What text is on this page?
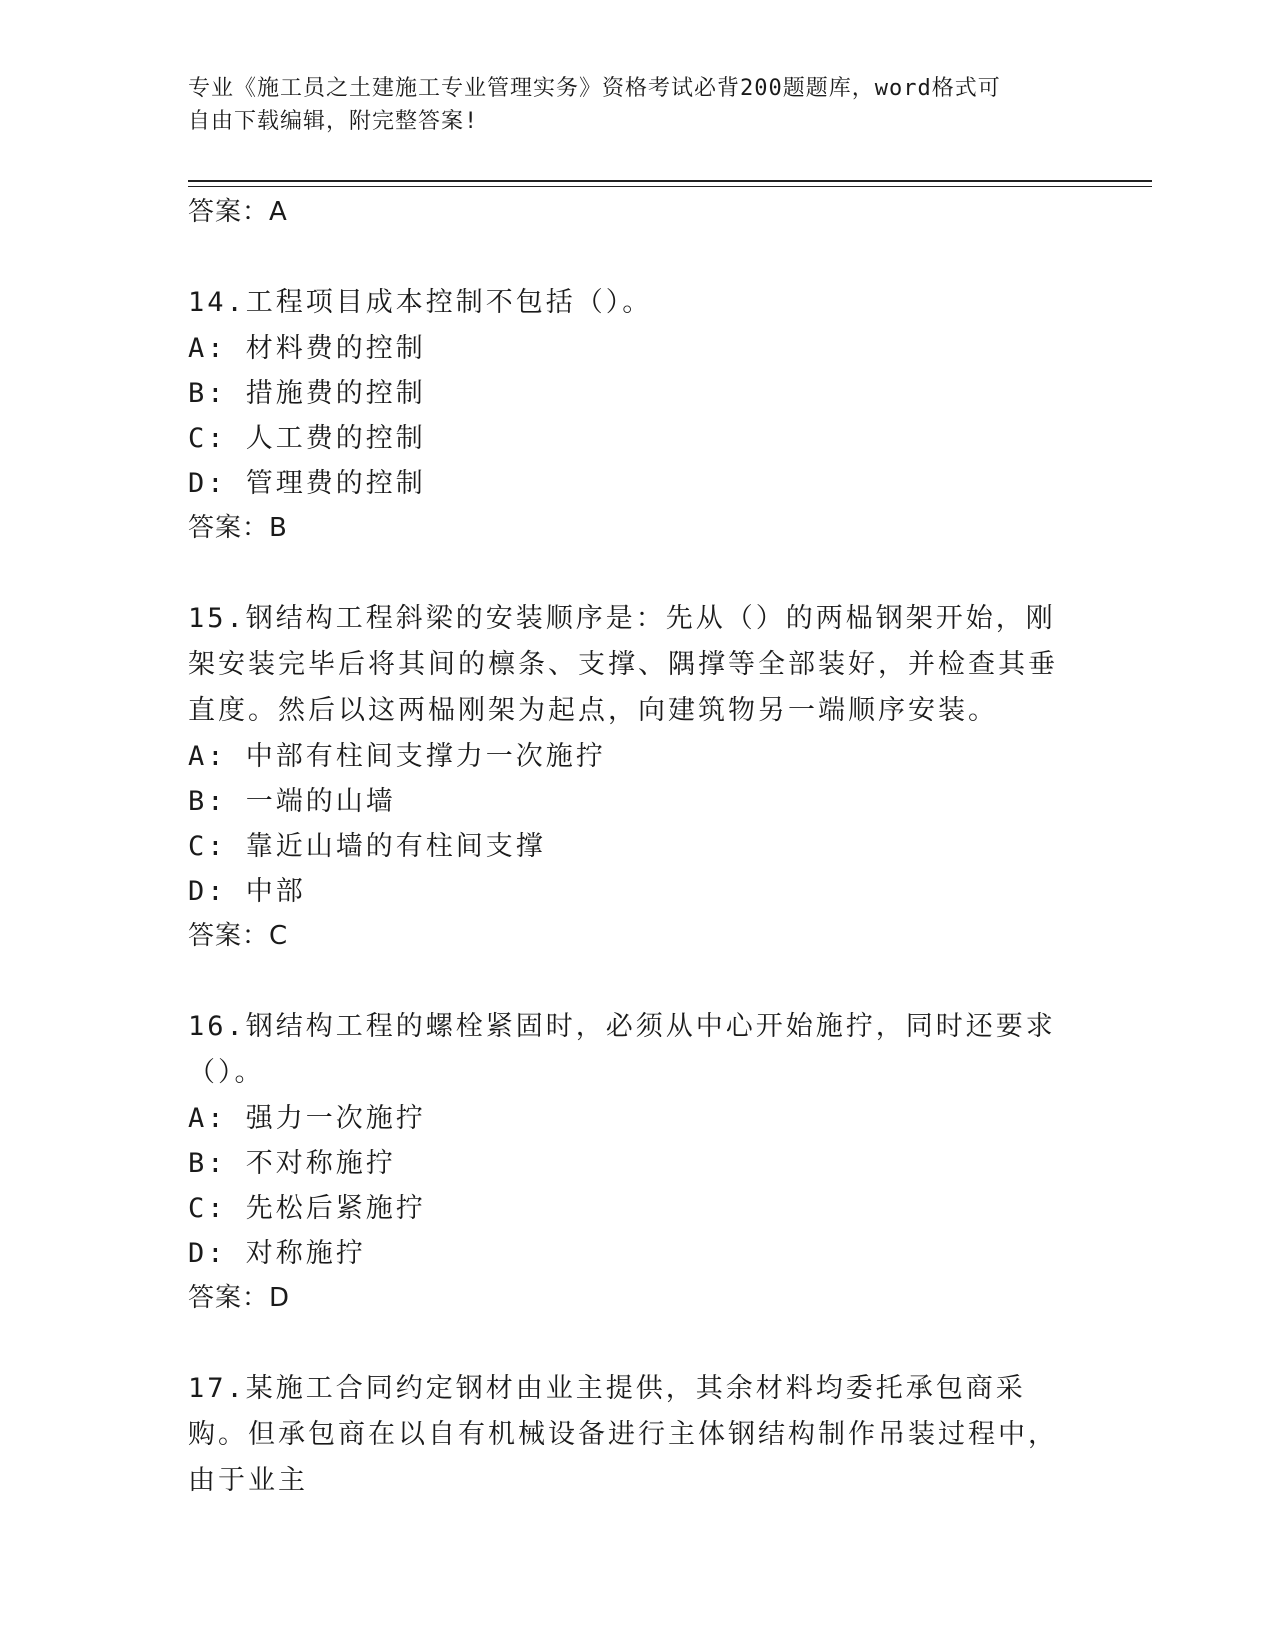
专业《施工员之土建施工专业管理实务》资格考试必背200题题库，word格式可
自由下载编辑，附完整答案!
答案：A
14.工程项目成本控制不包括（）。
A: 材料费的控制
B: 措施费的控制
C: 人工费的控制
D: 管理费的控制
答案：B
15.钢结构工程斜梁的安装顺序是：先从（）的两榀钢架开始，刚架安装完毕后将其间的檩条、支撑、隅撑等全部装好，并检查其垂直度。然后以这两榀刚架为起点，向建筑物另一端顺序安装。
A: 中部有柱间支撑力一次施拧
B: 一端的山墙
C: 靠近山墙的有柱间支撑
D: 中部
答案：C
16.钢结构工程的螺栓紧固时，必须从中心开始施拧，同时还要求（）。
A: 强力一次施拧
B: 不对称施拧
C: 先松后紧施拧
D: 对称施拧
答案：D
17.某施工合同约定钢材由业主提供，其余材料均委托承包商采购。但承包商在以自有机械设备进行主体钢结构制作吊装过程中，由于业主
